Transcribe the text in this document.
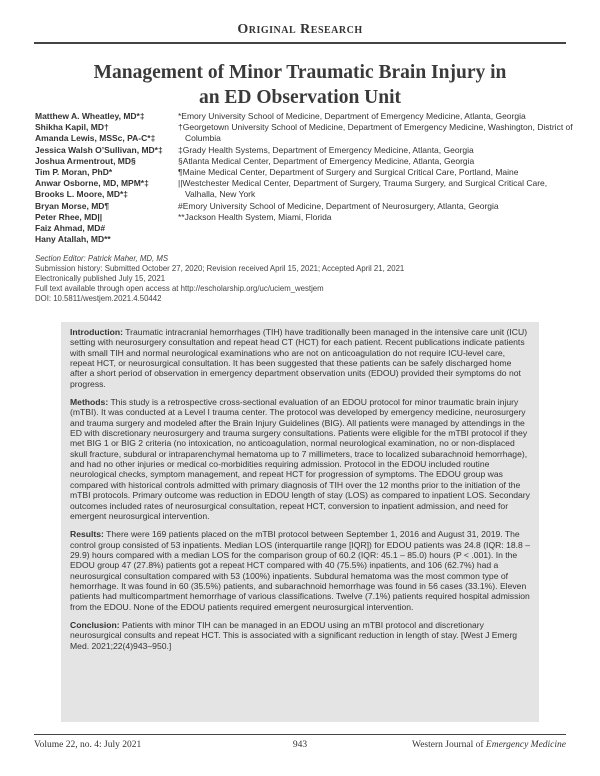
Original Research
Management of Minor Traumatic Brain Injury in
an ED Observation Unit
Matthew A. Wheatley, MD*‡
Shikha Kapil, MD†
Amanda Lewis, MSSc, PA-C*‡
Jessica Walsh O’Sullivan, MD*‡
Joshua Armentrout, MD§
Tim P. Moran, PhD*
Anwar Osborne, MD, MPM*‡
Brooks L. Moore, MD*‡
Bryan Morse, MD¶
Peter Rhee, MD||
Faiz Ahmad, MD#
Hany Atallah, MD**
*Emory University School of Medicine, Department of Emergency Medicine, Atlanta, Georgia
†Georgetown University School of Medicine, Department of Emergency Medicine, Washington, District of Columbia
‡Grady Health Systems, Department of Emergency Medicine, Atlanta, Georgia
§Atlanta Medical Center, Department of Emergency Medicine, Atlanta, Georgia
¶Maine Medical Center, Department of Surgery and Surgical Critical Care, Portland, Maine
||Westchester Medical Center, Department of Surgery, Trauma Surgery, and Surgical Critical Care, Valhalla, New York
#Emory University School of Medicine, Department of Neurosurgery, Atlanta, Georgia
**Jackson Health System, Miami, Florida
Section Editor: Patrick Maher, MD, MS
Submission history: Submitted October 27, 2020; Revision received April 15, 2021; Accepted April 21, 2021
Electronically published July 15, 2021
Full text available through open access at http://escholarship.org/uc/uciem_westjem
DOI: 10.5811/westjem.2021.4.50442

Introduction: Traumatic intracranial hemorrhages (TIH) have traditionally been managed in the intensive care unit (ICU) setting with neurosurgery consultation and repeat head CT (HCT) for each patient. Recent publications indicate patients with small TIH and normal neurological examinations who are not on anticoagulation do not require ICU-level care, repeat HCT, or neurosurgical consultation. It has been suggested that these patients can be safely discharged home after a short period of observation in emergency department observation units (EDOU) provided their symptoms do not progress.

Methods: This study is a retrospective cross-sectional evaluation of an EDOU protocol for minor traumatic brain injury (mTBI). It was conducted at a Level I trauma center. The protocol was developed by emergency medicine, neurosurgery and trauma surgery and modeled after the Brain Injury Guidelines (BIG). All patients were managed by attendings in the ED with discretionary neurosurgery and trauma surgery consultations. Patients were eligible for the mTBI protocol if they met BIG 1 or BIG 2 criteria (no intoxication, no anticoagulation, normal neurological examination, no or non-displaced skull fracture, subdural or intraparenchymal hematoma up to 7 millimeters, trace to localized subarachnoid hemorrhage), and had no other injuries or medical co-morbidities requiring admission. Protocol in the EDOU included routine neurological checks, symptom management, and repeat HCT for progression of symptoms. The EDOU group was compared with historical controls admitted with primary diagnosis of TIH over the 12 months prior to the initiation of the mTBI protocols. Primary outcome was reduction in EDOU length of stay (LOS) as compared to inpatient LOS. Secondary outcomes included rates of neurosurgical consultation, repeat HCT, conversion to inpatient admission, and need for emergent neurosurgical intervention.

Results: There were 169 patients placed on the mTBI protocol between September 1, 2016 and August 31, 2019. The control group consisted of 53 inpatients. Median LOS (interquartile range [IQR]) for EDOU patients was 24.8 (IQR: 18.8 – 29.9) hours compared with a median LOS for the comparison group of 60.2 (IQR: 45.1 – 85.0) hours (P < .001). In the EDOU group 47 (27.8%) patients got a repeat HCT compared with 40 (75.5%) inpatients, and 106 (62.7%) had a neurosurgical consultation compared with 53 (100%) inpatients. Subdural hematoma was the most common type of hemorrhage. It was found in 60 (35.5%) patients, and subarachnoid hemorrhage was found in 56 cases (33.1%). Eleven patients had multicompartment hemorrhage of various classifications. Twelve (7.1%) patients required hospital admission from the EDOU. None of the EDOU patients required emergent neurosurgical intervention.

Conclusion: Patients with minor TIH can be managed in an EDOU using an mTBI protocol and discretionary neurosurgical consults and repeat HCT. This is associated with a significant reduction in length of stay. [West J Emerg Med. 2021;22(4)943–950.]

Volume 22, no. 4: July 2021	943	Western Journal of Emergency Medicine
